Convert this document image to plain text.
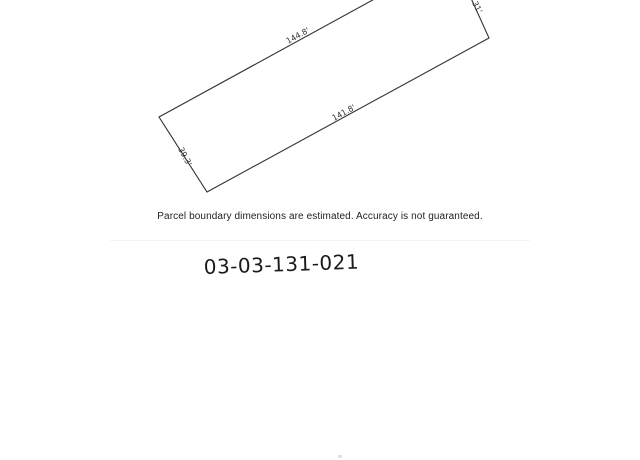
144.8'
141.8'
39.3'
31'
03-03-131-021

Parcel boundary dimensions are estimated. Accuracy is not guaranteed.
